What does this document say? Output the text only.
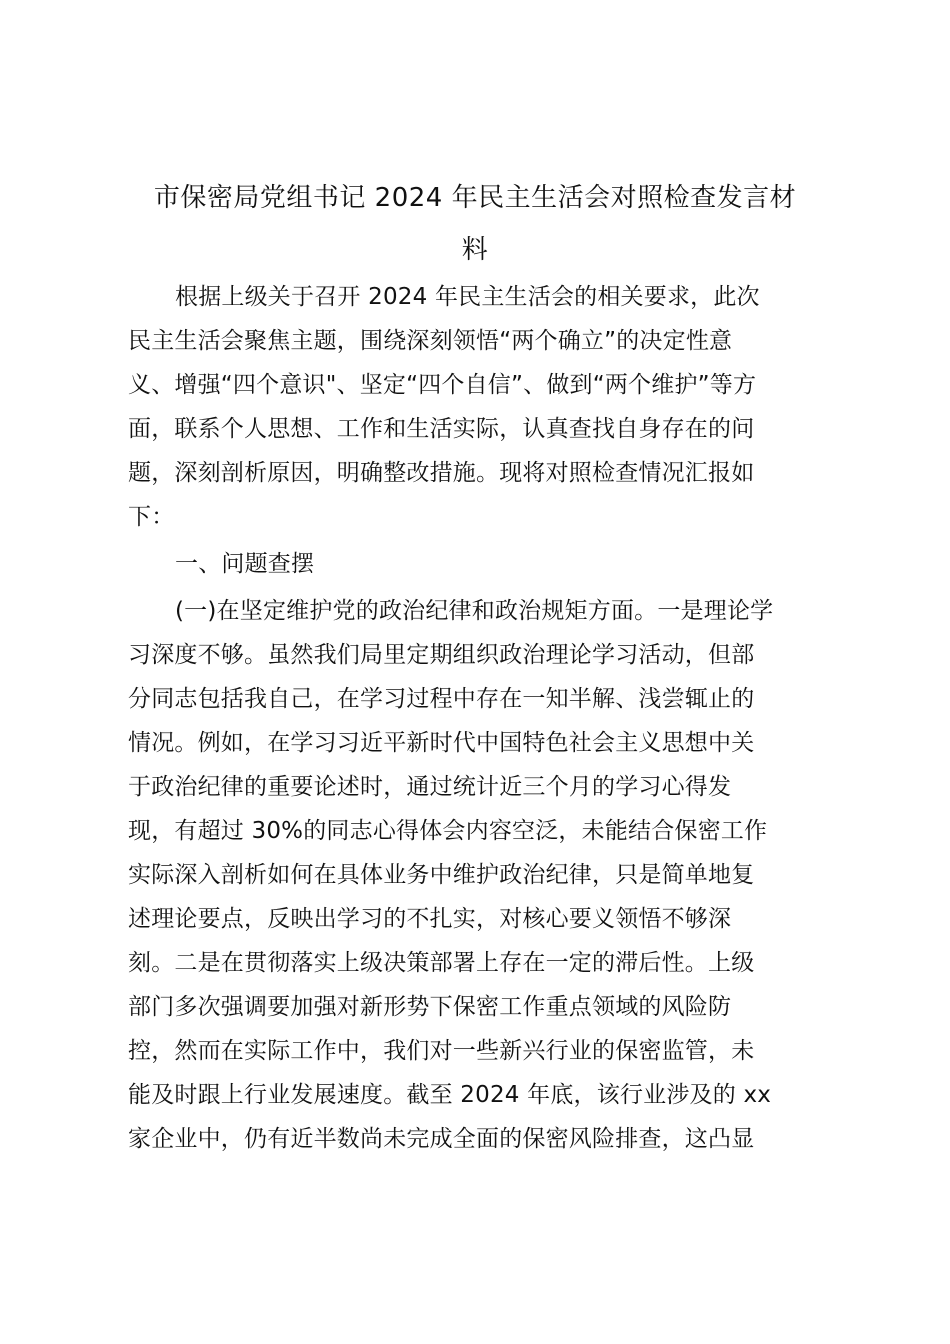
市保密局党组书记 2024 年民主生活会对照检查发言材
料
根据上级关于召开 2024 年民主生活会的相关要求，此次
民主生活会聚焦主题，围绕深刻领悟“两个确立”的决定性意
义、增强“四个意识"、坚定“四个自信”、做到“两个维护”等方
面，联系个人思想、工作和生活实际，认真查找自身存在的问
题，深刻剖析原因，明确整改措施。现将对照检查情况汇报如
下：
一、问题查摆
(一)在坚定维护党的政治纪律和政治规矩方面。一是理论学
习深度不够。虽然我们局里定期组织政治理论学习活动，但部
分同志包括我自己，在学习过程中存在一知半解、浅尝辄止的
情况。例如，在学习习近平新时代中国特色社会主义思想中关
于政治纪律的重要论述时，通过统计近三个月的学习心得发
现，有超过 30%的同志心得体会内容空泛，未能结合保密工作
实际深入剖析如何在具体业务中维护政治纪律，只是简单地复
述理论要点，反映出学习的不扎实，对核心要义领悟不够深
刻。二是在贯彻落实上级决策部署上存在一定的滞后性。上级
部门多次强调要加强对新形势下保密工作重点领域的风险防
控，然而在实际工作中，我们对一些新兴行业的保密监管，未
能及时跟上行业发展速度。截至 2024 年底，该行业涉及的 xx
家企业中，仍有近半数尚未完成全面的保密风险排查，这凸显
